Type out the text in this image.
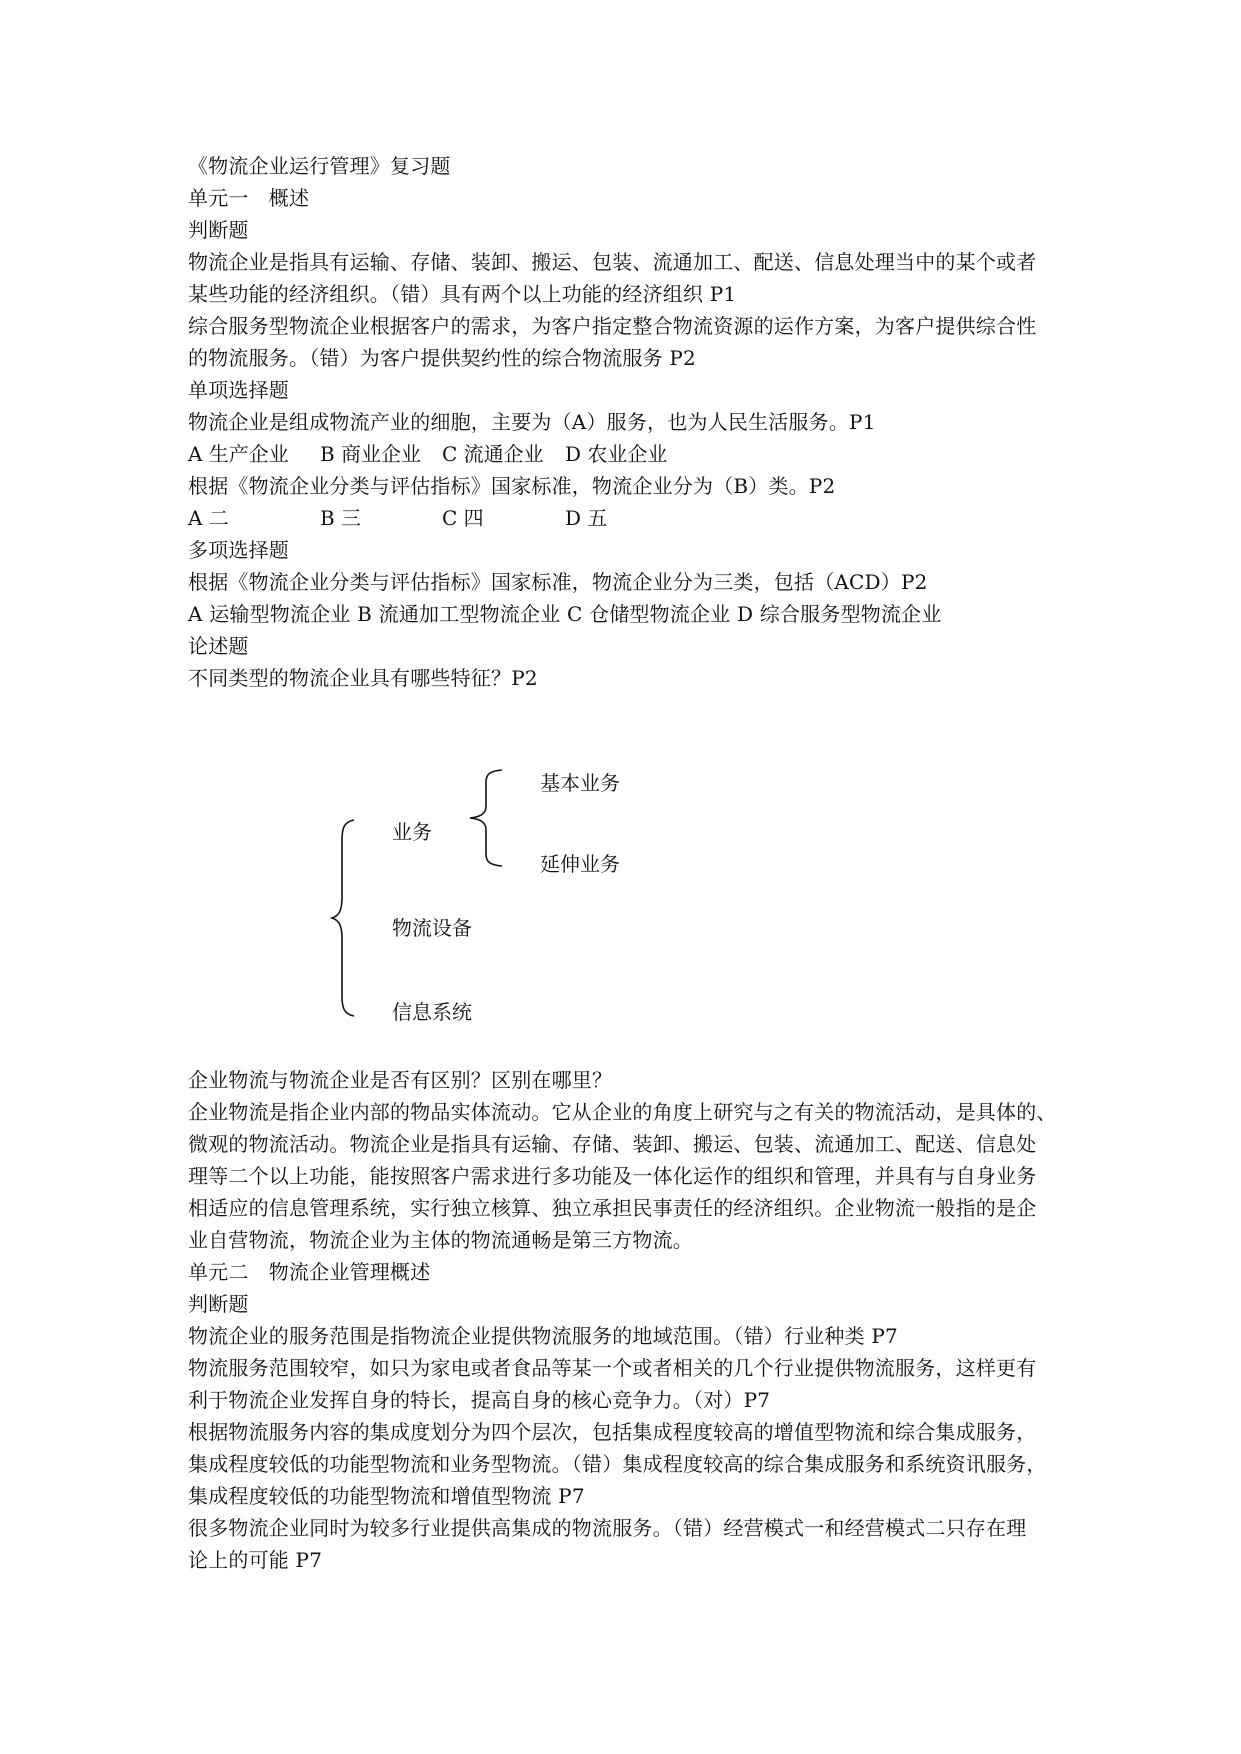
《物流企业运行管理》复习题
单元一　概述
判断题
物流企业是指具有运输、存储、装卸、搬运、包装、流通加工、配送、信息处理当中的某个或者
某些功能的经济组织。（错）具有两个以上功能的经济组织 P1
综合服务型物流企业根据客户的需求，为客户指定整合物流资源的运作方案，为客户提供综合性
的物流服务。（错）为客户提供契约性的综合物流服务 P2
单项选择题
物流企业是组成物流产业的细胞，主要为（A）服务，也为人民生活服务。P1
A 生产企业 B 商业企业 C 流通企业 D 农业企业
根据《物流企业分类与评估指标》国家标准，物流企业分为（B）类。P2
A 二	B 三	C 四	D 五
多项选择题
根据《物流企业分类与评估指标》国家标准，物流企业分为三类，包括（ACD）P2
A 运输型物流企业 B 流通加工型物流企业 C 仓储型物流企业 D 综合服务型物流企业
论述题
不同类型的物流企业具有哪些特征？P2
业务
基本业务
延伸业务
物流设备
信息系统
企业物流与物流企业是否有区别？区别在哪里？
企业物流是指企业内部的物品实体流动。它从企业的角度上研究与之有关的物流活动，是具体的、
微观的物流活动。物流企业是指具有运输、存储、装卸、搬运、包装、流通加工、配送、信息处
理等二个以上功能，能按照客户需求进行多功能及一体化运作的组织和管理，并具有与自身业务
相适应的信息管理系统，实行独立核算、独立承担民事责任的经济组织。企业物流一般指的是企
业自营物流，物流企业为主体的物流通畅是第三方物流。
单元二　物流企业管理概述
判断题
物流企业的服务范围是指物流企业提供物流服务的地域范围。（错）行业种类 P7
物流服务范围较窄，如只为家电或者食品等某一个或者相关的几个行业提供物流服务，这样更有
利于物流企业发挥自身的特长，提高自身的核心竞争力。（对）P7
根据物流服务内容的集成度划分为四个层次，包括集成程度较高的增值型物流和综合集成服务，
集成程度较低的功能型物流和业务型物流。（错）集成程度较高的综合集成服务和系统资讯服务，
集成程度较低的功能型物流和增值型物流 P7
很多物流企业同时为较多行业提供高集成的物流服务。（错）经营模式一和经营模式二只存在理
论上的可能 P7
